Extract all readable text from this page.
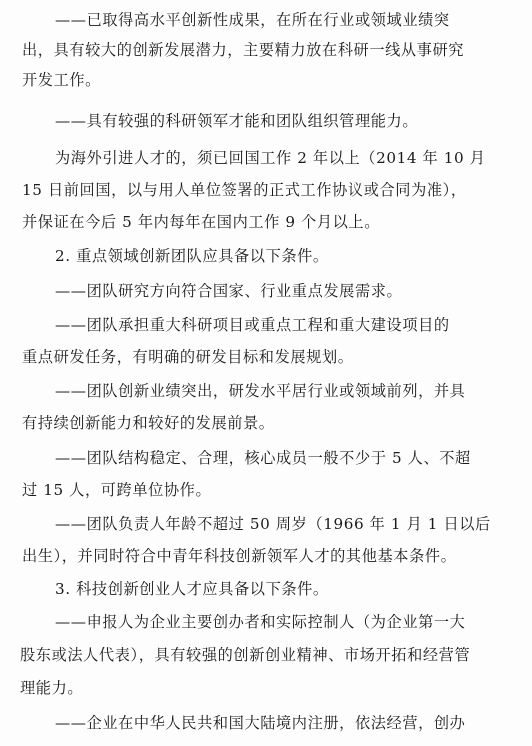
——已取得高水平创新性成果，在所在行业或领域业绩突
出，具有较大的创新发展潜力，主要精力放在科研一线从事研究
开发工作。
——具有较强的科研领军才能和团队组织管理能力。
为海外引进人才的，须已回国工作 2 年以上（2014 年 10 月
15 日前回国，以与用人单位签署的正式工作协议或合同为准），
并保证在今后 5 年内每年在国内工作 9 个月以上。
2. 重点领域创新团队应具备以下条件。
——团队研究方向符合国家、行业重点发展需求。
——团队承担重大科研项目或重点工程和重大建设项目的
重点研发任务，有明确的研发目标和发展规划。
——团队创新业绩突出，研发水平居行业或领域前列，并具
有持续创新能力和较好的发展前景。
——团队结构稳定、合理，核心成员一般不少于 5 人、不超
过 15 人，可跨单位协作。
——团队负责人年龄不超过 50 周岁（1966 年 1 月 1 日以后
出生），并同时符合中青年科技创新领军人才的其他基本条件。
3. 科技创新创业人才应具备以下条件。
——申报人为企业主要创办者和实际控制人（为企业第一大
股东或法人代表），具有较强的创新创业精神、市场开拓和经营管
理能力。
——企业在中华人民共和国大陆境内注册，依法经营，创办
